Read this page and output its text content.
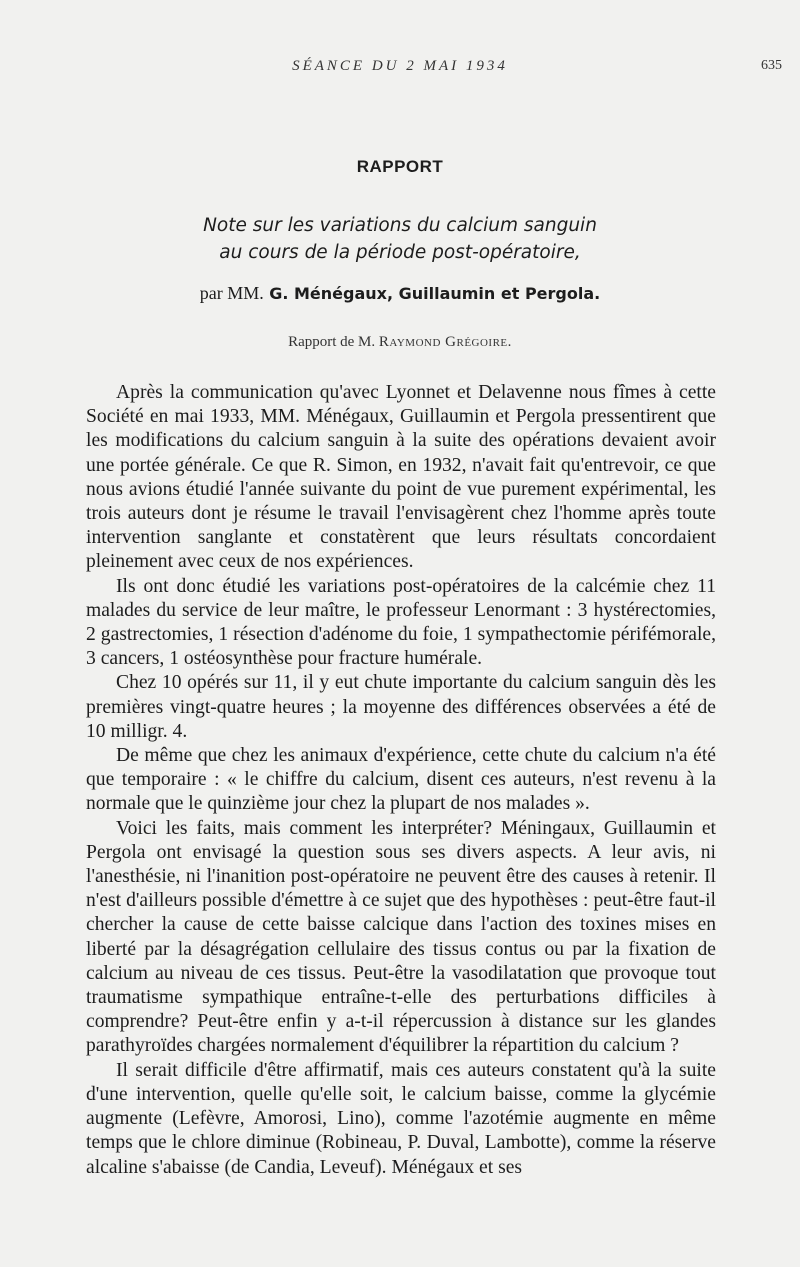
SÉANCE DU 2 MAI 1934	635
RAPPORT
Note sur les variations du calcium sanguin
au cours de la période post-opératoire,
par MM. G. Ménégaux, Guillaumin et Pergola.
Rapport de M. Raymond Grégoire.

Après la communication qu'avec Lyonnet et Delavenne nous fîmes à cette Société en mai 1933, MM. Ménégaux, Guillaumin et Pergola pressentirent que les modifications du calcium sanguin à la suite des opérations devaient avoir une portée générale. Ce que R. Simon, en 1932, n'avait fait qu'entrevoir, ce que nous avions étudié l'année suivante du point de vue purement expérimental, les trois auteurs dont je résume le travail l'envisagèrent chez l'homme après toute intervention sanglante et constatèrent que leurs résultats concordaient pleinement avec ceux de nos expériences.

Ils ont donc étudié les variations post-opératoires de la calcémie chez 11 malades du service de leur maître, le professeur Lenormant : 3 hystérectomies, 2 gastrectomies, 1 résection d'adénome du foie, 1 sympathectomie périfémorale, 3 cancers, 1 ostéosynthèse pour fracture humérale.

Chez 10 opérés sur 11, il y eut chute importante du calcium sanguin dès les premières vingt-quatre heures ; la moyenne des différences observées a été de 10 milligr. 4.

De même que chez les animaux d'expérience, cette chute du calcium n'a été que temporaire : « le chiffre du calcium, disent ces auteurs, n'est revenu à la normale que le quinzième jour chez la plupart de nos malades ».

Voici les faits, mais comment les interpréter? Méningaux, Guillaumin et Pergola ont envisagé la question sous ses divers aspects. A leur avis, ni l'anesthésie, ni l'inanition post-opératoire ne peuvent être des causes à retenir. Il n'est d'ailleurs possible d'émettre à ce sujet que des hypothèses : peut-être faut-il chercher la cause de cette baisse calcique dans l'action des toxines mises en liberté par la désagrégation cellulaire des tissus contus ou par la fixation de calcium au niveau de ces tissus. Peut-être la vasodilatation que provoque tout traumatisme sympathique entraîne-t-elle des perturbations difficiles à comprendre? Peut-être enfin y a-t-il répercussion à distance sur les glandes parathyroïdes chargées normalement d'équilibrer la répartition du calcium ?

Il serait difficile d'être affirmatif, mais ces auteurs constatent qu'à la suite d'une intervention, quelle qu'elle soit, le calcium baisse, comme la glycémie augmente (Lefèvre, Amorosi, Lino), comme l'azotémie augmente en même temps que le chlore diminue (Robineau, P. Duval, Lambotte), comme la réserve alcaline s'abaisse (de Candia, Leveuf). Ménégaux et ses
